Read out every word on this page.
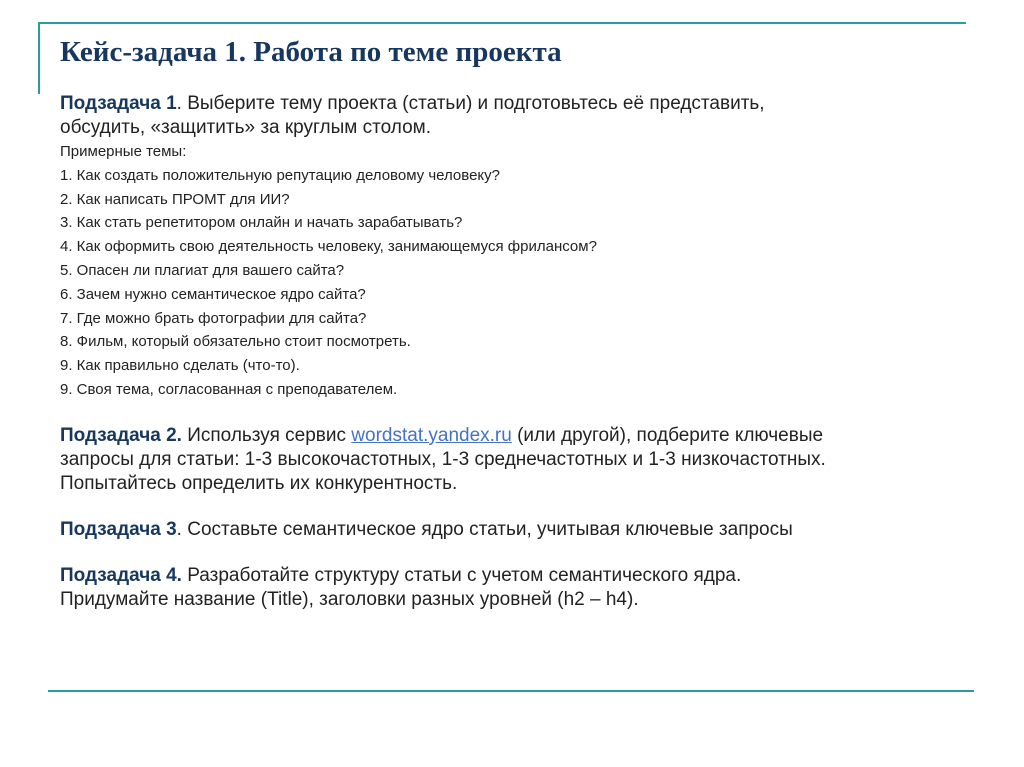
Кейс-задача 1. Работа по теме проекта
Подзадача 1. Выберите тему проекта (статьи) и подготовьтесь её представить,
обсудить, «защитить» за круглым столом.
Примерные темы:
1. Как создать положительную репутацию деловому человеку?
2. Как написать ПРОМТ для ИИ?
3. Как стать репетитором онлайн и начать зарабатывать?
4. Как оформить свою деятельность человеку, занимающемуся фрилансом?
5. Опасен ли плагиат для вашего сайта?
6. Зачем нужно семантическое ядро сайта?
7. Где можно брать фотографии для сайта?
8. Фильм, который обязательно стоит посмотреть.
9. Как правильно сделать (что-то).
9. Своя тема, согласованная с преподавателем.
Подзадача 2. Используя сервис wordstat.yandex.ru (или другой), подберите ключевые
запросы для статьи: 1-3 высокочастотных, 1-3 среднечастотных и 1-3 низкочастотных.
Попытайтесь определить их конкурентность.
Подзадача 3. Составьте семантическое ядро статьи, учитывая ключевые запросы
Подзадача 4. Разработайте структуру статьи с учетом семантического ядра.
Придумайте название (Title), заголовки разных уровней (h2 – h4).
